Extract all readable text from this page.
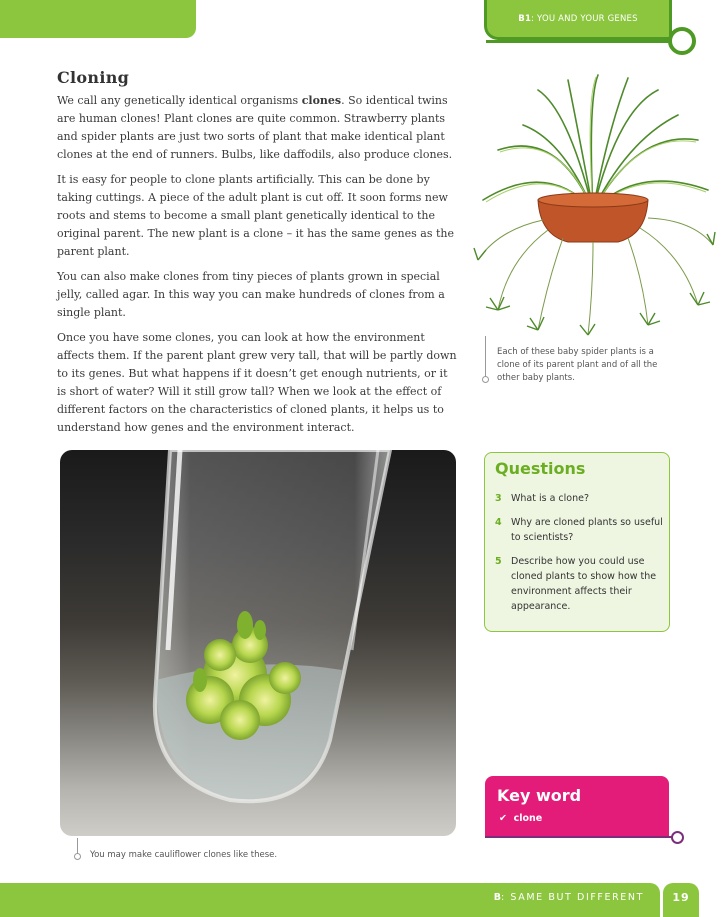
B1: YOU AND YOUR GENES
Cloning

We call any genetically identical organisms clones. So identical twins are human clones! Plant clones are quite common. Strawberry plants and spider plants are just two sorts of plant that make identical plant clones at the end of runners. Bulbs, like daffodils, also produce clones.

It is easy for people to clone plants artificially. This can be done by taking cuttings. A piece of the adult plant is cut off. It soon forms new roots and stems to become a small plant genetically identical to the original parent. The new plant is a clone – it has the same genes as the parent plant.

You can also make clones from tiny pieces of plants grown in special jelly, called agar. In this way you can make hundreds of clones from a single plant.

Once you have some clones, you can look at how the environment affects them. If the parent plant grew very tall, that will be partly down to its genes. But what happens if it doesn’t get enough nutrients, or it is short of water? Will it still grow tall? When we look at the effect of different factors on the characteristics of cloned plants, it helps us to understand how genes and the environment interact.

Each of these baby spider plants is a clone of its parent plant and of all the other baby plants.
You may make cauliflower clones like these.
Questions
3 What is a clone?
4 Why are cloned plants so useful to scientists?
5 Describe how you could use cloned plants to show how the environment affects their appearance.
Key word
✔  clone
B: SAME BUT DIFFERENT	19
